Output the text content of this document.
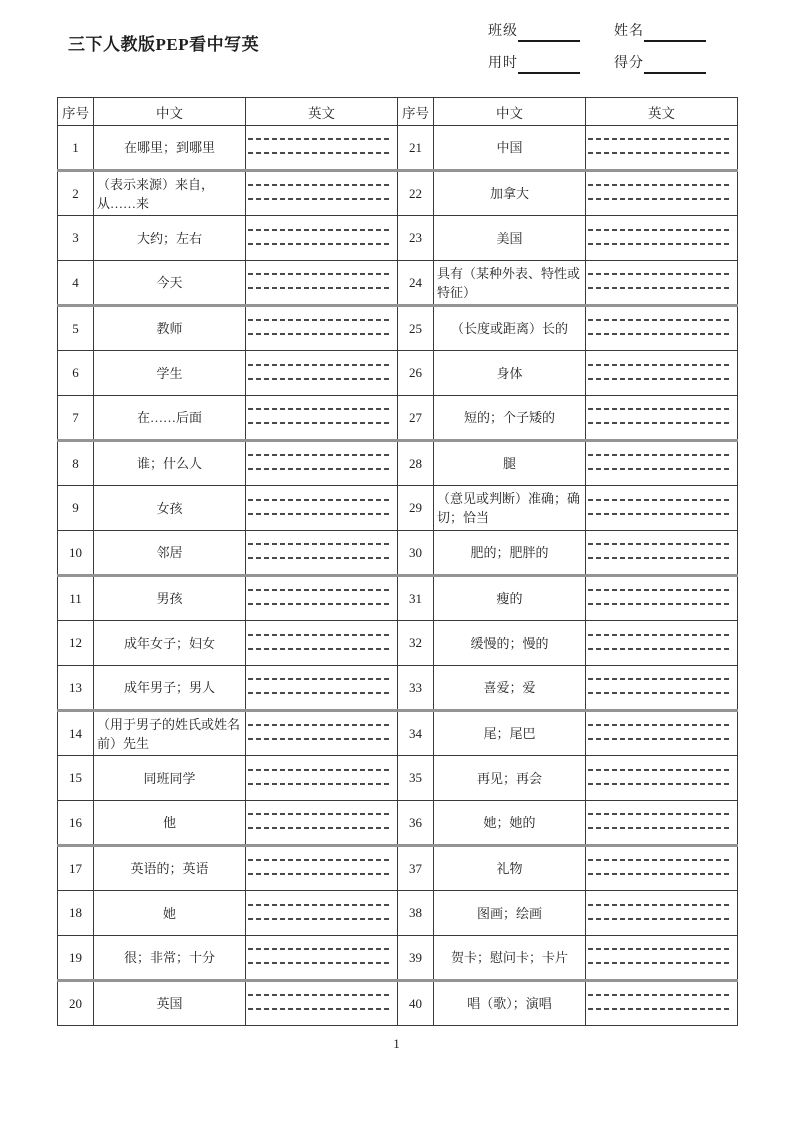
三下人教版PEP看中写英
班级	姓名
用时	得分
序号	中文	英文	序号	中文	英文
1	在哪里；到哪里		21	中国	

2	（表示来源）来自，从……来		22	加拿大	

3	大约；左右		23	美国	

4	今天		24	具有（某种外表、特性或特征）	

5	教师		25	（长度或距离）长的	

6	学生		26	身体	

7	在……后面		27	短的；个子矮的	

8	谁；什么人		28	腿	

9	女孩		29	（意见或判断）准确；确切；恰当	

10	邻居		30	肥的；肥胖的	

11	男孩		31	瘦的	

12	成年女子；妇女		32	缓慢的；慢的	

13	成年男子；男人		33	喜爱；爱	

14	（用于男子的姓氏或姓名前）先生		34	尾；尾巴	

15	同班同学		35	再见；再会	

16	他		36	她；她的	

17	英语的；英语		37	礼物	

18	她		38	图画；绘画	

19	很；非常；十分		39	贺卡；慰问卡；卡片	

20	英国		40	唱（歌）；演唱	
1
